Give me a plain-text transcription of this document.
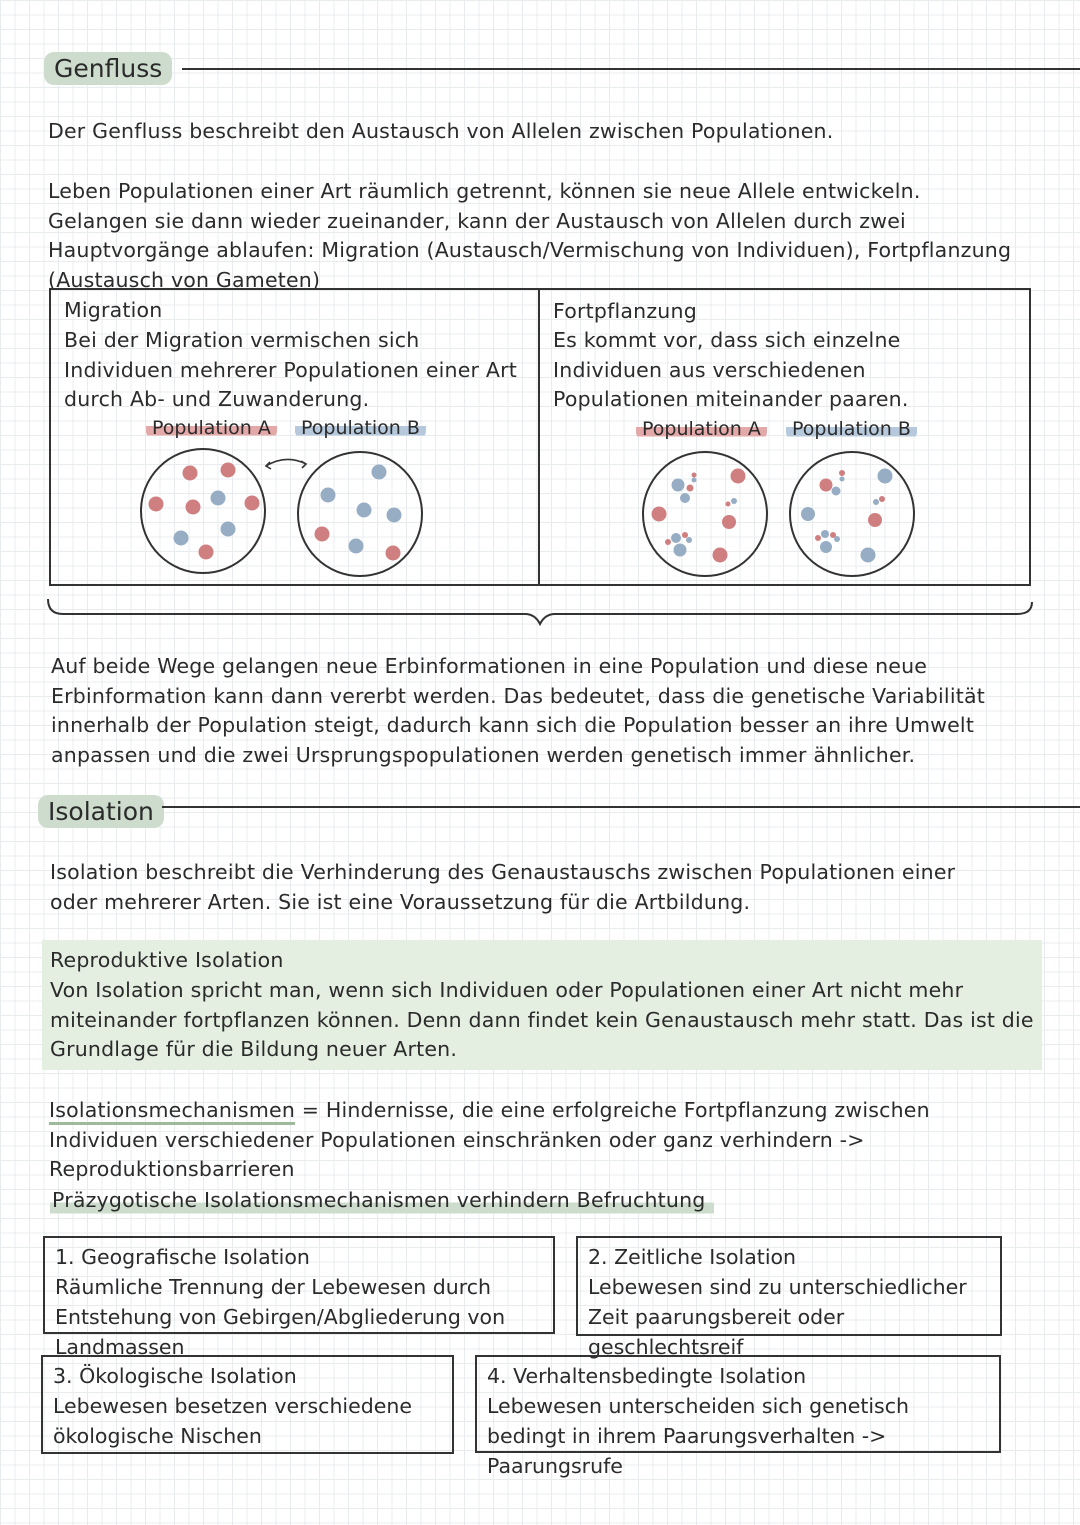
Genfluss
Der Genfluss beschreibt den Austausch von Allelen zwischen Populationen.
Leben Populationen einer Art räumlich getrennt, können sie neue Allele entwickeln. Gelangen sie dann wieder zueinander, kann der Austausch von Allelen durch zwei Hauptvorgänge ablaufen: Migration (Austausch/Vermischung von Individuen), Fortpflanzung (Austausch von Gameten)
Migration
Bei der Migration vermischen sich Individuen mehrerer Populationen einer Art durch Ab- und Zuwanderung.
Population A	Population B
Fortpflanzung
Es kommt vor, dass sich einzelne Individuen aus verschiedenen Populationen miteinander paaren.
Population A	Population B
Auf beide Wege gelangen neue Erbinformationen in eine Population und diese neue Erbinformation kann dann vererbt werden. Das bedeutet, dass die genetische Variabilität innerhalb der Population steigt, dadurch kann sich die Population besser an ihre Umwelt anpassen und die zwei Ursprungspopulationen werden genetisch immer ähnlicher.
Isolation
Isolation beschreibt die Verhinderung des Genaustauschs zwischen Populationen einer oder mehrerer Arten. Sie ist eine Voraussetzung für die Artbildung.
Reproduktive Isolation
Von Isolation spricht man, wenn sich Individuen oder Populationen einer Art nicht mehr miteinander fortpflanzen können. Denn dann findet kein Genaustausch mehr statt. Das ist die Grundlage für die Bildung neuer Arten.
Isolationsmechanismen = Hindernisse, die eine erfolgreiche Fortpflanzung zwischen Individuen verschiedener Populationen einschränken oder ganz verhindern -> Reproduktionsbarrieren
Präzygotische Isolationsmechanismen verhindern Befruchtung
1. Geografische Isolation
Räumliche Trennung der Lebewesen durch Entstehung von Gebirgen/Abgliederung von Landmassen
2. Zeitliche Isolation
Lebewesen sind zu unterschiedlicher Zeit paarungsbereit oder geschlechtsreif
3. Ökologische Isolation
Lebewesen besetzen verschiedene ökologische Nischen
4. Verhaltensbedingte Isolation
Lebewesen unterscheiden sich genetisch bedingt in ihrem Paarungsverhalten -> Paarungsrufe
